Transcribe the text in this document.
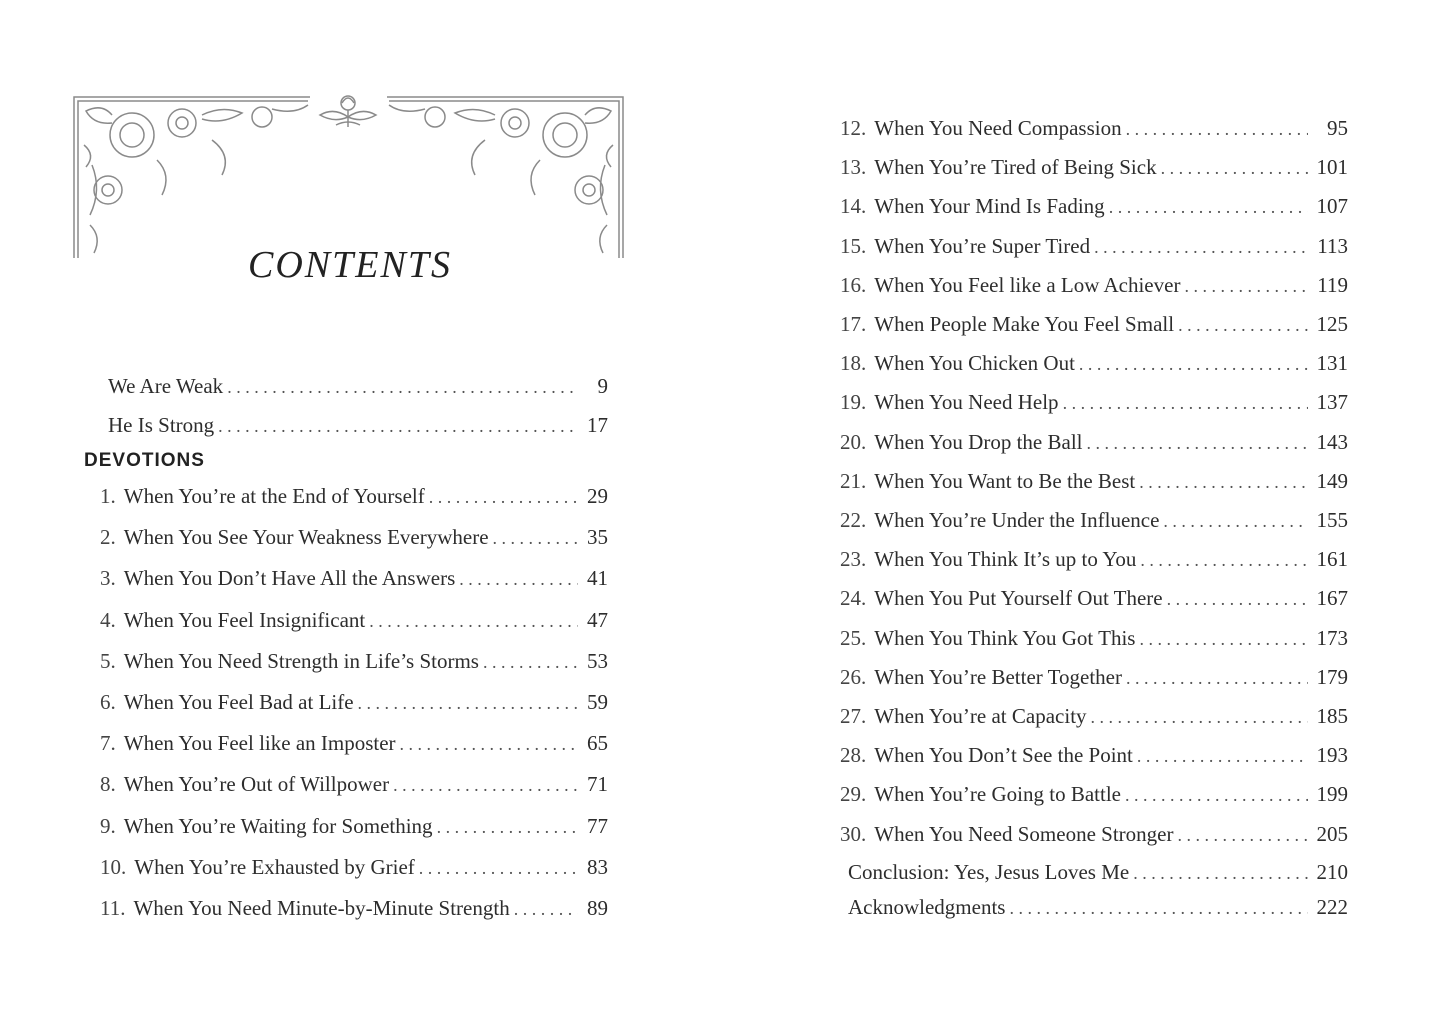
CONTENTS
We Are Weak . . .	9
He Is Strong . . .	17
DEVOTIONS
1. When You’re at the End of Yourself . . .	29
2. When You See Your Weakness Everywhere . . .	35
3. When You Don’t Have All the Answers . . .	41
4. When You Feel Insignificant . . .	47
5. When You Need Strength in Life’s Storms . . .	53
6. When You Feel Bad at Life . . .	59
7. When You Feel like an Imposter . . .	65
8. When You’re Out of Willpower . . .	71
9. When You’re Waiting for Something . . .	77
10. When You’re Exhausted by Grief . . .	83
11. When You Need Minute-by-Minute Strength . . .	89
12. When You Need Compassion . . .	95
13. When You’re Tired of Being Sick . . .	101
14. When Your Mind Is Fading . . .	107
15. When You’re Super Tired . . .	113
16. When You Feel like a Low Achiever . . .	119
17. When People Make You Feel Small . . .	125
18. When You Chicken Out . . .	131
19. When You Need Help . . .	137
20. When You Drop the Ball . . .	143
21. When You Want to Be the Best . . .	149
22. When You’re Under the Influence . . .	155
23. When You Think It’s up to You . . .	161
24. When You Put Yourself Out There . . .	167
25. When You Think You Got This . . .	173
26. When You’re Better Together . . .	179
27. When You’re at Capacity . . .	185
28. When You Don’t See the Point . . .	193
29. When You’re Going to Battle . . .	199
30. When You Need Someone Stronger . . .	205
Conclusion: Yes, Jesus Loves Me . . .	210
Acknowledgments . . .	222
